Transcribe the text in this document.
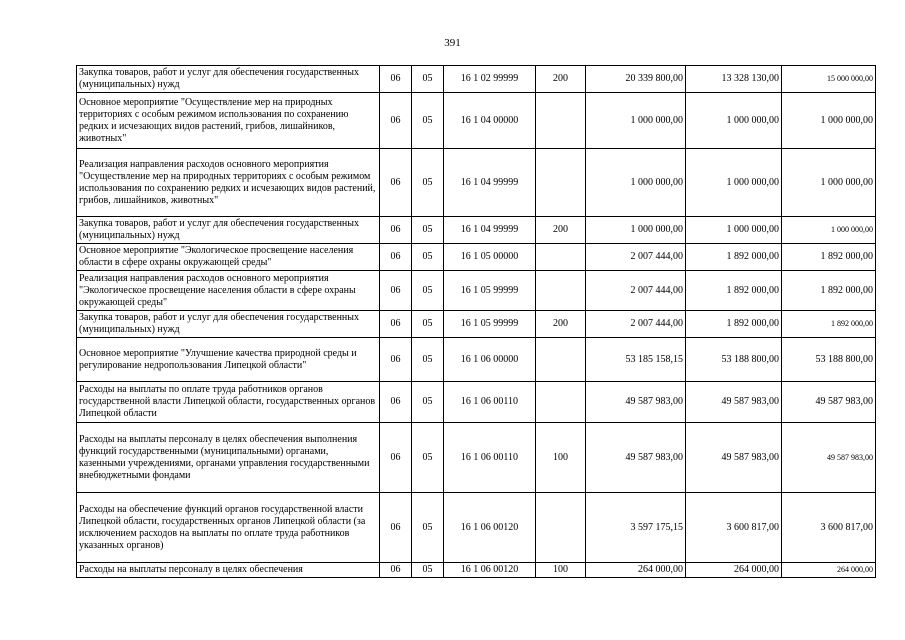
391
Закупка товаров, работ и услуг для обеспечения государственных (муниципальных) нужд	06	05	16 1 02 99999	200	20 339 800,00	13 328 130,00	15 000 000,00
Основное мероприятие "Осуществление мер на природных территориях с особым режимом использования по сохранению редких и исчезающих видов растений, грибов, лишайников, животных"	06	05	16 1 04 00000		1 000 000,00	1 000 000,00	1 000 000,00
Реализация направления расходов основного мероприятия "Осуществление мер на природных территориях с особым режимом использования по сохранению редких и исчезающих видов растений, грибов, лишайников, животных"	06	05	16 1 04 99999		1 000 000,00	1 000 000,00	1 000 000,00
Закупка товаров, работ и услуг для обеспечения государственных (муниципальных) нужд	06	05	16 1 04 99999	200	1 000 000,00	1 000 000,00	1 000 000,00
Основное мероприятие "Экологическое просвещение населения области в сфере охраны окружающей среды"	06	05	16 1 05 00000		2 007 444,00	1 892 000,00	1 892 000,00
Реализация направления расходов основного мероприятия "Экологическое просвещение населения области в сфере охраны окружающей среды"	06	05	16 1 05 99999		2 007 444,00	1 892 000,00	1 892 000,00
Закупка товаров, работ и услуг для обеспечения государственных (муниципальных) нужд	06	05	16 1 05 99999	200	2 007 444,00	1 892 000,00	1 892 000,00
Основное мероприятие "Улучшение качества природной среды и регулирование недропользования Липецкой области"	06	05	16 1 06 00000		53 185 158,15	53 188 800,00	53 188 800,00
Расходы на выплаты по оплате труда работников органов государственной власти Липецкой области, государственных органов Липецкой области	06	05	16 1 06 00110		49 587 983,00	49 587 983,00	49 587 983,00
Расходы на выплаты персоналу в целях обеспечения выполнения функций государственными (муниципальными) органами, казенными учреждениями, органами управления государственными внебюджетными фондами	06	05	16 1 06 00110	100	49 587 983,00	49 587 983,00	49 587 983,00
Расходы на обеспечение функций органов государственной власти Липецкой области, государственных органов Липецкой области (за исключением расходов на выплаты по оплате труда работников указанных органов)	06	05	16 1 06 00120		3 597 175,15	3 600 817,00	3 600 817,00
Расходы на выплаты персоналу в целях обеспечения	06	05	16 1 06 00120	100	264 000,00	264 000,00	264 000,00
